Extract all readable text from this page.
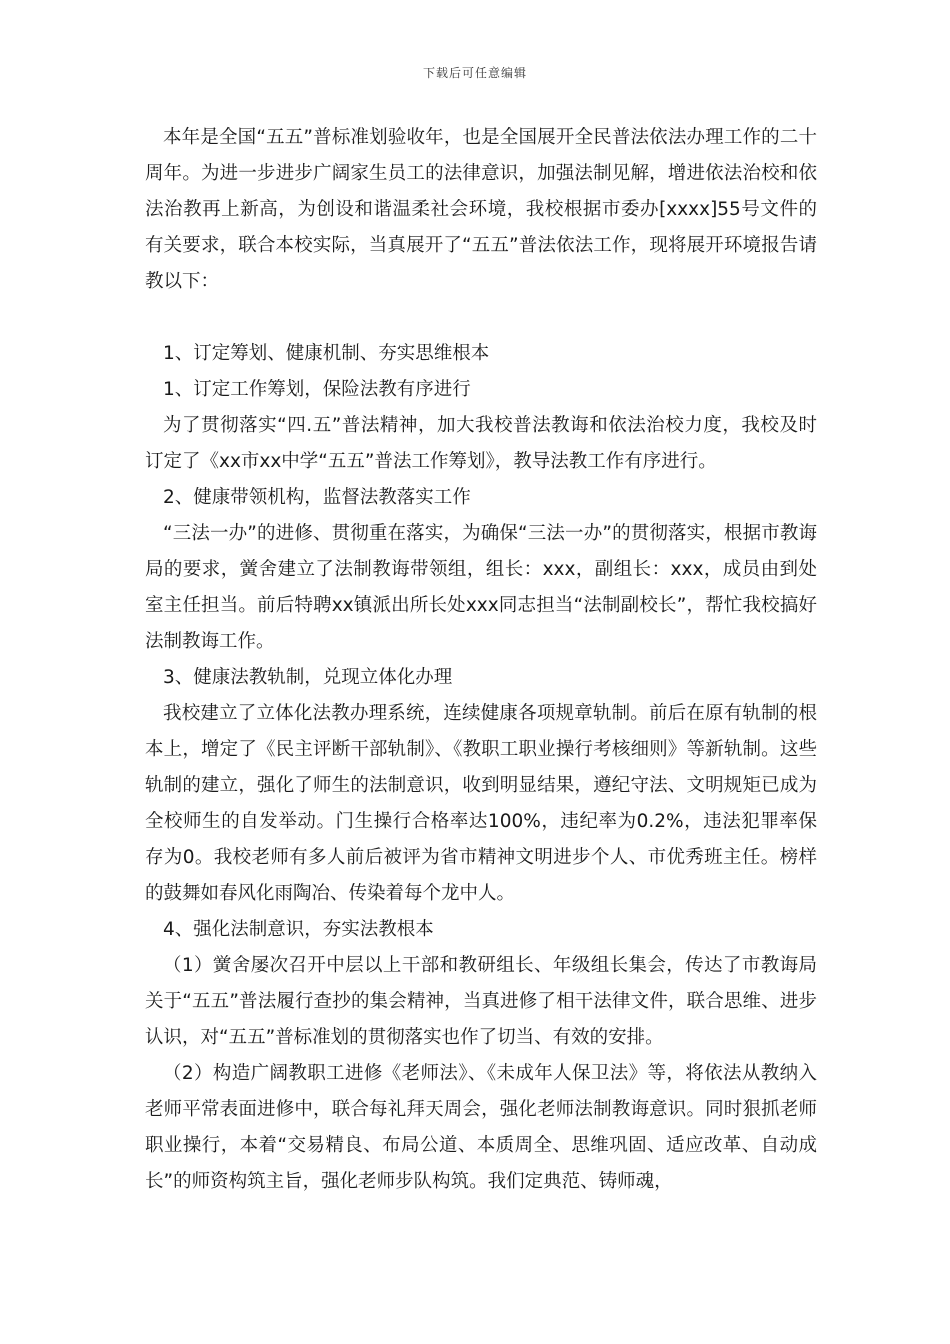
下载后可任意编辑

本年是全国“五五”普标准划验收年，也是全国展开全民普法依法办理工作的二十周年。为进一步进步广阔家生员工的法律意识，加强法制见解，增进依法治校和依法治教再上新高，为创设和谐温柔社会环境，我校根据市委办[xxxx]55号文件的有关要求，联合本校实际，当真展开了“五五”普法依法工作，现将展开环境报告请教以下：

1、订定筹划、健康机制、夯实思维根本

1、订定工作筹划，保险法教有序进行

为了贯彻落实“四.五”普法精神，加大我校普法教诲和依法治校力度，我校及时订定了《xx市xx中学“五五”普法工作筹划》，教导法教工作有序进行。

2、健康带领机构，监督法教落实工作

“三法一办”的进修、贯彻重在落实，为确保“三法一办”的贯彻落实，根据市教诲局的要求，黉舍建立了法制教诲带领组，组长：xxx，副组长：xxx，成员由到处室主任担当。前后特聘xx镇派出所长处xxx同志担当“法制副校长”，帮忙我校搞好法制教诲工作。

3、健康法教轨制，兑现立体化办理

我校建立了立体化法教办理系统，连续健康各项规章轨制。前后在原有轨制的根本上，增定了《民主评断干部轨制》、《教职工职业操行考核细则》等新轨制。这些轨制的建立，强化了师生的法制意识，收到明显结果，遵纪守法、文明规矩已成为全校师生的自发举动。门生操行合格率达100%，违纪率为0.2%，违法犯罪率保存为0。我校老师有多人前后被评为省市精神文明进步个人、市优秀班主任。榜样的鼓舞如春风化雨陶冶、传染着每个龙中人。

4、强化法制意识，夯实法教根本

（1）黉舍屡次召开中层以上干部和教研组长、年级组长集会，传达了市教诲局关于“五五”普法履行查抄的集会精神，当真进修了相干法律文件，联合思维、进步认识，对“五五”普标准划的贯彻落实也作了切当、有效的安排。

（2）构造广阔教职工进修《老师法》、《未成年人保卫法》等，将依法从教纳入老师平常表面进修中，联合每礼拜天周会，强化老师法制教诲意识。同时狠抓老师职业操行，本着“交易精良、布局公道、本质周全、思维巩固、适应改革、自动成长”的师资构筑主旨，强化老师步队构筑。我们定典范、铸师魂，
